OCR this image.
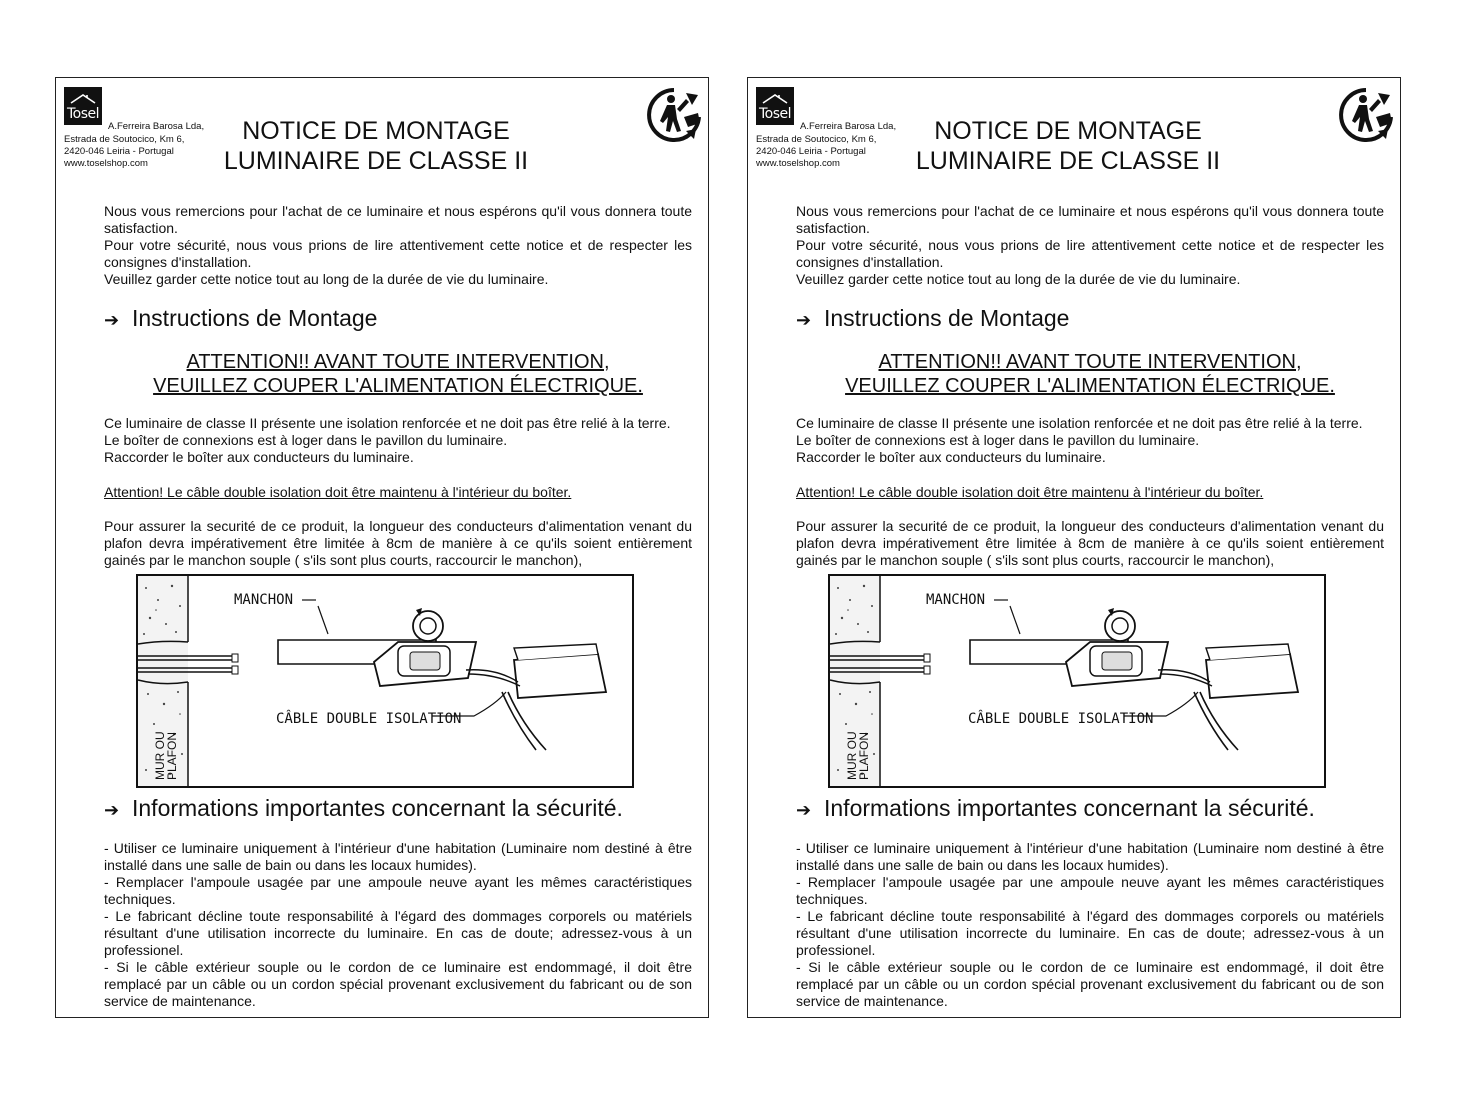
Tosel
A.Ferreira Barosa Lda,
Estrada de Soutocico, Km 6,
2420-046 Leiria - Portugal
www.toselshop.com
NOTICE DE MONTAGE
LUMINAIRE DE CLASSE II

Nous vous remercions pour l'achat de ce luminaire et nous espérons qu'il vous donnera toute satisfaction.

Pour votre sécurité, nous vous prions de lire attentivement cette notice et de respecter les consignes d'installation.

Veuillez garder cette notice tout au long de la durée de vie du luminaire.

➔ Instructions de Montage
ATTENTION!! AVANT TOUTE INTERVENTION,
VEUILLEZ COUPER L'ALIMENTATION ÉLECTRIQUE.

Ce luminaire de classe II présente une isolation renforcée et ne doit pas être relié à la terre.

Le boîter de connexions est à loger dans le pavillon du luminaire.

Raccorder le boîter aux conducteurs du luminaire.

Attention! Le câble double isolation doit être maintenu à l'intérieur du boîter.

Pour assurer la securité de ce produit, la longueur des conducteurs d'alimentation venant du plafon devra impérativement être limitée à 8cm de manière à ce qu'ils soient entièrement gainés par le manchon souple ( s'ils sont plus courts, raccourcir le manchon),

MANCHON
CÂBLE DOUBLE ISOLATION
MUR OU
PLAFON
➔ Informations importantes concernant la sécurité.

- Utiliser ce luminaire uniquement à l'intérieur d'une habitation (Luminaire nom destiné à être installé dans une salle de bain ou dans les locaux humides).

- Remplacer l'ampoule usagée par une ampoule neuve ayant les mêmes caractéristiques techniques.

- Le fabricant décline toute responsabilité à l'égard des dommages corporels ou matériels résultant d'une utilisation incorrecte du luminaire. En cas de doute; adressez-vous à un professionel.

- Si le câble extérieur souple ou le cordon de ce luminaire est endommagé, il doit être remplacé par un câble ou un cordon spécial provenant exclusivement du fabricant ou de son service de maintenance.

Tosel
A.Ferreira Barosa Lda,
Estrada de Soutocico, Km 6,
2420-046 Leiria - Portugal
www.toselshop.com
NOTICE DE MONTAGE
LUMINAIRE DE CLASSE II

Nous vous remercions pour l'achat de ce luminaire et nous espérons qu'il vous donnera toute satisfaction.

Pour votre sécurité, nous vous prions de lire attentivement cette notice et de respecter les consignes d'installation.

Veuillez garder cette notice tout au long de la durée de vie du luminaire.

➔ Instructions de Montage
ATTENTION!! AVANT TOUTE INTERVENTION,
VEUILLEZ COUPER L'ALIMENTATION ÉLECTRIQUE.

Ce luminaire de classe II présente une isolation renforcée et ne doit pas être relié à la terre.

Le boîter de connexions est à loger dans le pavillon du luminaire.

Raccorder le boîter aux conducteurs du luminaire.

Attention! Le câble double isolation doit être maintenu à l'intérieur du boîter.

Pour assurer la securité de ce produit, la longueur des conducteurs d'alimentation venant du plafon devra impérativement être limitée à 8cm de manière à ce qu'ils soient entièrement gainés par le manchon souple ( s'ils sont plus courts, raccourcir le manchon),

MANCHON
CÂBLE DOUBLE ISOLATION
MUR OU
PLAFON
➔ Informations importantes concernant la sécurité.

- Utiliser ce luminaire uniquement à l'intérieur d'une habitation (Luminaire nom destiné à être installé dans une salle de bain ou dans les locaux humides).

- Remplacer l'ampoule usagée par une ampoule neuve ayant les mêmes caractéristiques techniques.

- Le fabricant décline toute responsabilité à l'égard des dommages corporels ou matériels résultant d'une utilisation incorrecte du luminaire. En cas de doute; adressez-vous à un professionel.

- Si le câble extérieur souple ou le cordon de ce luminaire est endommagé, il doit être remplacé par un câble ou un cordon spécial provenant exclusivement du fabricant ou de son service de maintenance.
